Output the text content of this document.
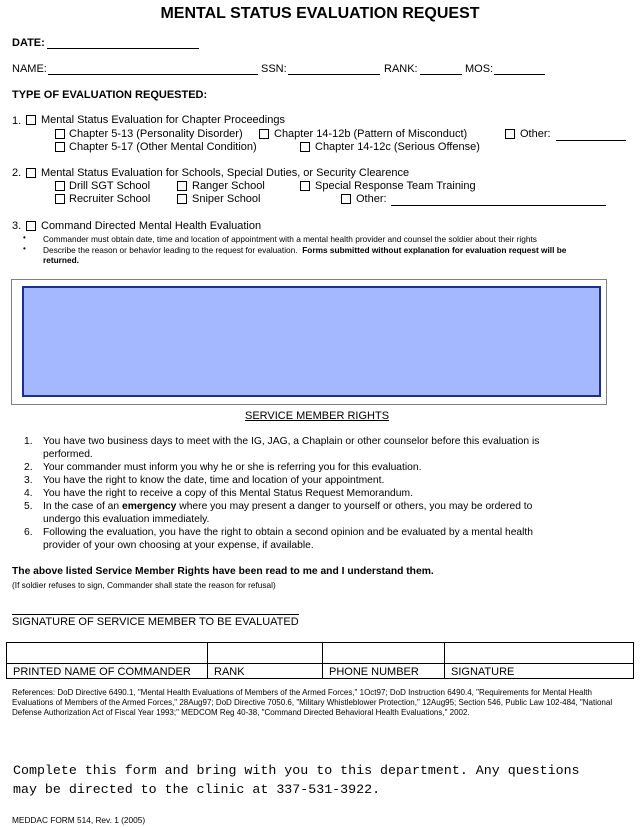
MENTAL STATUS EVALUATION REQUEST
DATE:
NAME:	SSN:	RANK:	MOS:
TYPE OF EVALUATION REQUESTED:
1. Mental Status Evaluation for Chapter Proceedings
Chapter 5-13 (Personality Disorder)	Chapter 14-12b (Pattern of Misconduct)	Other:
Chapter 5-17 (Other Mental Condition)	Chapter 14-12c (Serious Offense)
2. Mental Status Evaluation for Schools, Special Duties, or Security Clearence
Drill SGT School	Ranger School	Special Response Team Training
Recruiter School	Sniper School	Other:
3. Command Directed Mental Health Evaluation
• Commander must obtain date, time and location of appointment with a mental health provider and counsel the soldier about their rights
• Describe the reason or behavior leading to the request for evaluation. Forms submitted without explanation for evaluation request will be
returned.
SERVICE MEMBER RIGHTS
1. You have two business days to meet with the IG, JAG, a Chaplain or other counselor before this evaluation is
performed.
2. Your commander must inform you why he or she is referring you for this evaluation.
3. You have the right to know the date, time and location of your appointment.
4. You have the right to receive a copy of this Mental Status Request Memorandum.
5. In the case of an emergency where you may present a danger to yourself or others, you may be ordered to
undergo this evaluation immediately.
6. Following the evaluation, you have the right to obtain a second opinion and be evaluated by a mental health
provider of your own choosing at your expense, if available.
The above listed Service Member Rights have been read to me and I understand them.
(If soldier refuses to sign, Commander shall state the reason for refusal)
SIGNATURE OF SERVICE MEMBER TO BE EVALUATED

PRINTED NAME OF COMMANDER	RANK	PHONE NUMBER	SIGNATURE
References: DoD Directive 6490.1, "Mental Health Evaluations of Members of the Armed Forces," 1Oct97; DoD Instruction 6490.4, "Requirements for Mental Health Evaluations of Members of the Armed Forces," 28Aug97; DoD Directive 7050.6, "Military Whistleblower Protection," 12Aug95; Section 546, Public Law 102-484, "National Defense Authorization Act of Fiscal Year 1993;" MEDCOM Reg 40-38, "Command Directed Behavioral Health Evaluations," 2002.
Complete this form and bring with you to this department. Any questions
may be directed to the clinic at 337-531-3922.
MEDDAC FORM 514, Rev. 1 (2005)
